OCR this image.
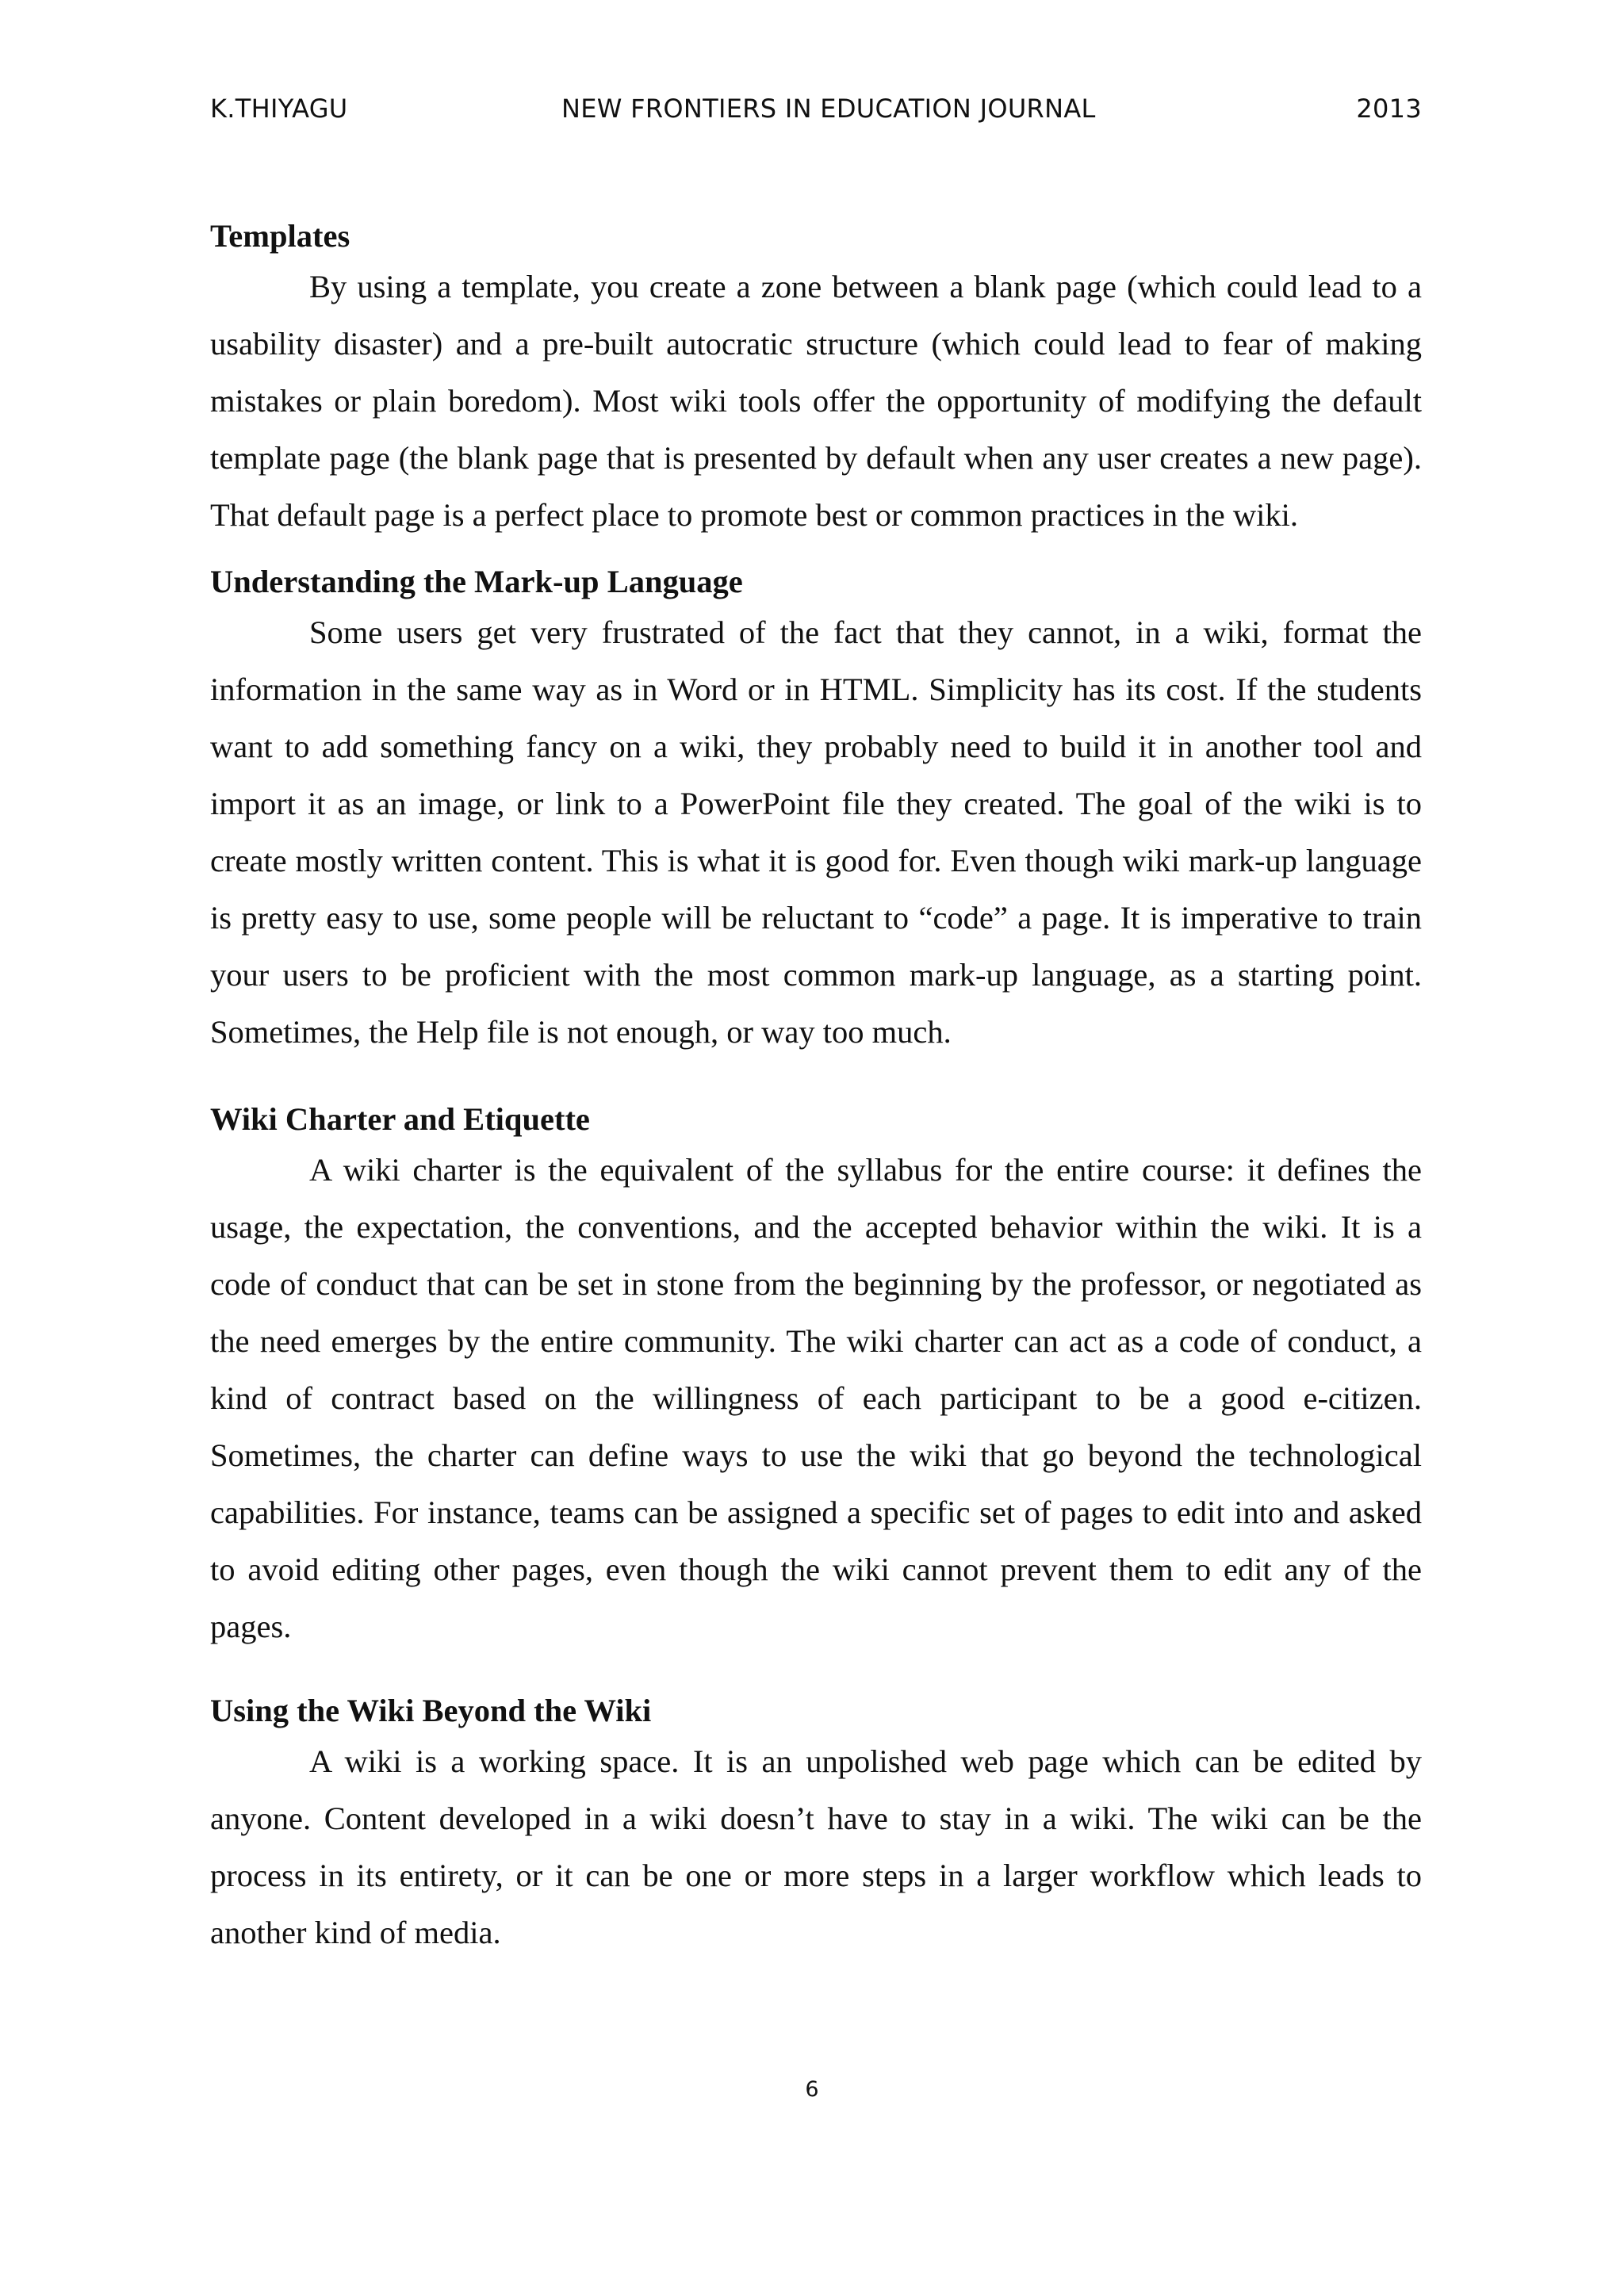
K.THIYAGU	NEW FRONTIERS IN EDUCATION JOURNAL	2013
Templates

By using a template, you create a zone between a blank page (which could lead to a usability disaster) and a pre-built autocratic structure (which could lead to fear of making mistakes or plain boredom). Most wiki tools offer the opportunity of modifying the default template page (the blank page that is presented by default when any user creates a new page). That default page is a perfect place to promote best or common practices in the wiki.

Understanding the Mark-up Language

Some users get very frustrated of the fact that they cannot, in a wiki, format the information in the same way as in Word or in HTML. Simplicity has its cost. If the students want to add something fancy on a wiki, they probably need to build it in another tool and import it as an image, or link to a PowerPoint file they created. The goal of the wiki is to create mostly written content. This is what it is good for. Even though wiki mark-up language is pretty easy to use, some people will be reluctant to “code” a page. It is imperative to train your users to be proficient with the most common mark-up language, as a starting point. Sometimes, the Help file is not enough, or way too much.

Wiki Charter and Etiquette

A wiki charter is the equivalent of the syllabus for the entire course: it defines the usage, the expectation, the conventions, and the accepted behavior within the wiki. It is a code of conduct that can be set in stone from the beginning by the professor, or negotiated as the need emerges by the entire community. The wiki charter can act as a code of conduct, a kind of contract based on the willingness of each participant to be a good e-citizen. Sometimes, the charter can define ways to use the wiki that go beyond the technological capabilities. For instance, teams can be assigned a specific set of pages to edit into and asked to avoid editing other pages, even though the wiki cannot prevent them to edit any of the pages.

Using the Wiki Beyond the Wiki

A wiki is a working space. It is an unpolished web page which can be edited by anyone. Content developed in a wiki doesn’t have to stay in a wiki. The wiki can be the process in its entirety, or it can be one or more steps in a larger workflow which leads to another kind of media.

6
